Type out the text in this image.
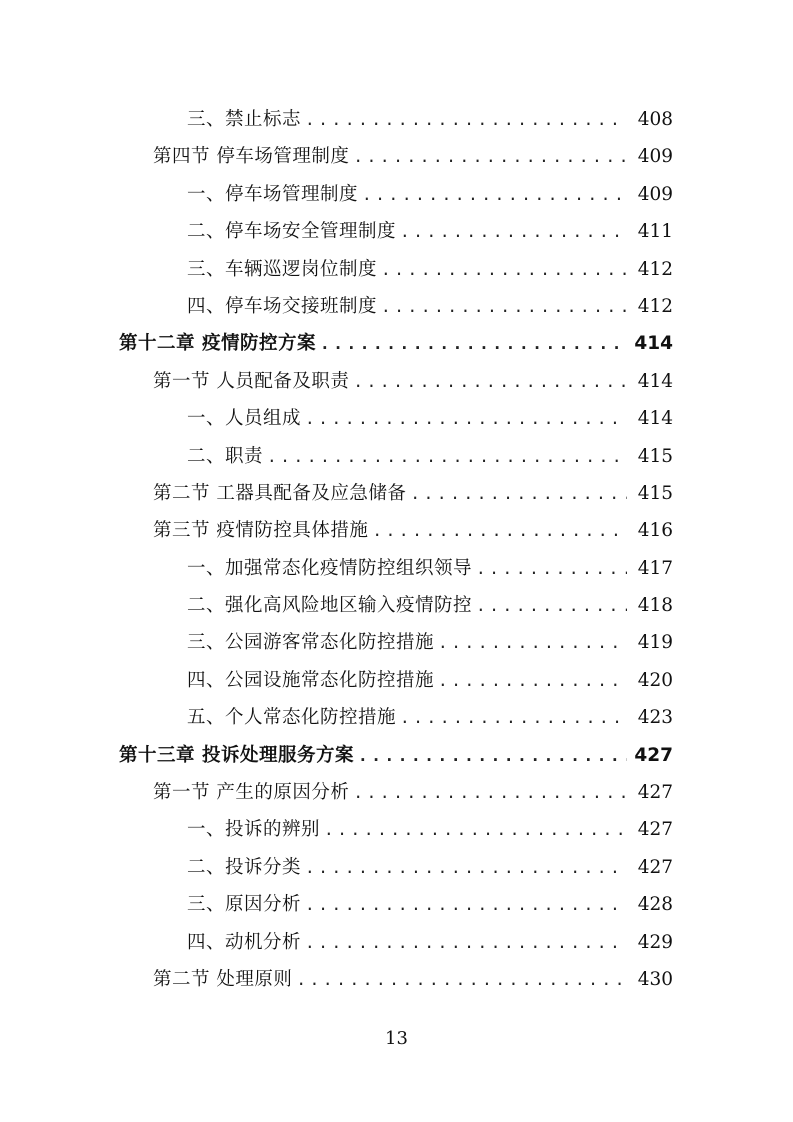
三、禁止标志 . . .	408
第四节 停车场管理制度 . . .	409
一、停车场管理制度 . . .	409
二、停车场安全管理制度 . . .	411
三、车辆巡逻岗位制度 . . .	412
四、停车场交接班制度 . . .	412
第十二章 疫情防控方案 . . .	414
第一节 人员配备及职责 . . .	414
一、人员组成 . . .	414
二、职责 . . .	415
第二节 工器具配备及应急储备 . . .	415
第三节 疫情防控具体措施 . . .	416
一、加强常态化疫情防控组织领导 . . .	417
二、强化高风险地区输入疫情防控 . . .	418
三、公园游客常态化防控措施 . . .	419
四、公园设施常态化防控措施 . . .	420
五、个人常态化防控措施 . . .	423
第十三章 投诉处理服务方案 . . .	427
第一节 产生的原因分析 . . .	427
一、投诉的辨别 . . .	427
二、投诉分类 . . .	427
三、原因分析 . . .	428
四、动机分析 . . .	429
第二节 处理原则 . . .	430
13
